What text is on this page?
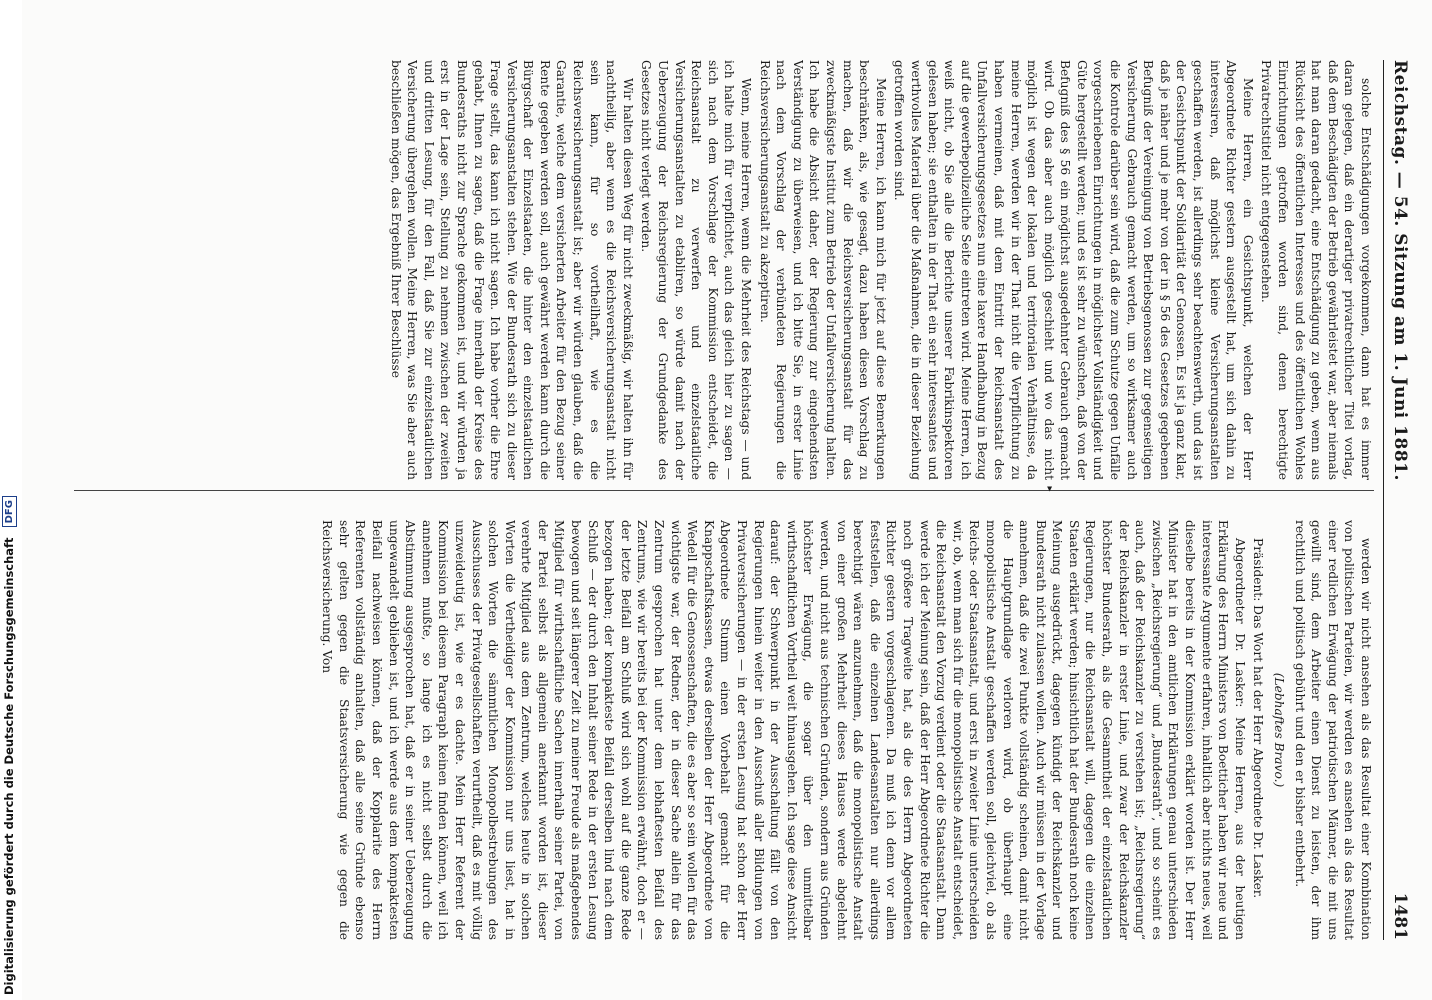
Reichstag. — 54. Sitzung am 1. Juni 1881.
1481

solche Entschädigungen vorgekommen, dann hat es immer daran gelegen, daß ein derartiger privatrechtlicher Titel vorlag, daß dem Beschädigten der Betrieb gewährleistet war, aber niemals hat man daran gedacht, eine Entschädigung zu geben, wenn aus Rücksicht des öffentlichen Interesses und des öffentlichen Wohles Einrichtungen getroffen worden sind, denen berechtigte Privatrechtstitel nicht entgegenstehen.

Meine Herren, ein Gesichtspunkt, welchen der Herr Abgeordnete Richter gestern ausgestellt hat, um sich dahin zu interessiren, daß möglichst kleine Versicherungsanstalten geschaffen werden, ist allerdings sehr beachtenswerth, und das ist der Gesichtspunkt der Solidarität der Genossen. Es ist ja ganz klar, daß je näher und je mehr von der in § 56 des Gesetzes gegebenen Befugniß der Vereinigung von Betriebsgenossen zur gegenseitigen Versicherung Gebrauch gemacht werden, um so wirksamer auch die Kontrole darüber sein wird, daß die zum Schutze gegen Unfälle vorgeschriebenen Einrichtungen in möglichster Vollständigkeit und Güte hergestellt werden; und es ist sehr zu wünschen, daß von der Befugniß des § 56 ein möglichst ausgedehnter Gebrauch gemacht wird. Ob das aber auch möglich geschieht und wo das nicht möglich ist wegen der lokalen und territorialen Verhältnisse, da meine Herren, werden wir in der That nicht die Verpflichtung zu haben vermeinen, daß mit dem Eintritt der Reichsanstalt des Unfallversicherungsgesetzes nun eine laxere Handhabung in Bezug auf die gewerbepolizeiliche Seite eintreten wird. Meine Herren, ich weiß nicht, ob Sie alle die Berichte unserer Fabrikinspektoren gelesen haben; sie enthalten in der That ein sehr interessantes und werthvolles Material über die Maßnahmen, die in dieser Beziehung getroffen worden sind.

Meine Herren, ich kann mich für jetzt auf diese Bemerkungen beschränken, als, wie gesagt, dazu haben diesen Vorschlag zu machen, daß wir die Reichsversicherungsanstalt für das zweckmäßigste Institut zum Betrieb der Unfallversicherung halten. Ich habe die Absicht daher, der Regierung zur eingehendsten Verständigung zu überweisen, und ich bitte Sie, in erster Linie nach dem Vorschlag der verbündeten Regierungen die Reichsversicherungsanstalt zu akzeptiren.

Wenn, meine Herren, wenn die Mehrheit des Reichstags — und ich halte mich für verpflichtet, auch das gleich hier zu sagen — sich nach dem Vorschlage der Kommission entscheidet, die Reichsanstalt zu verwerfen und einzelstaatliche Versicherungsanstalten zu etabliren, so würde damit nach der Ueberzeugung der Reichsregierung der Grundgedanke des Gesetzes nicht verlegt werden.

Wir halten diesen Weg für nicht zweckmäßig, wir halten ihn für nachtheilig, aber wenn es die Reichsversicherungsanstalt nicht sein kann, für so vortheilhaft, wie es die Reichsversicherungsanstalt ist; aber wir würden glauben, daß die Garantie, welche dem versicherten Arbeiter für den Bezug seiner Rente gegeben werden soll, auch gewährt werden kann durch die Bürgschaft der Einzelstaaten, die hinter den einzelstaatlichen Versicherungsanstalten stehen. Wie der Bundesrath sich zu dieser Frage stellt, das kann ich nicht sagen. Ich habe vorher die Ehre gehabt, Ihnen zu sagen, daß die Frage innerhalb der Kreise des Bundesraths nicht zur Sprache gekommen ist, und wir würden ja erst in der Lage sein, Stellung zu nehmen zwischen der zweiten und dritten Lesung, für den Fall, daß Sie zur einzelstaatlichen Versicherung übergehen wollen. Meine Herren, was Sie aber auch beschließen mögen, das Ergebniß Ihrer Beschlüsse

▸

werden wir nicht ansehen als das Resultat einer Kombination von politischen Parteien, wir werden es ansehen als das Resultat einer redlichen Erwägung der patriotischen Männer, die mit uns gewillt sind, dem Arbeiter einen Dienst zu leisten, der ihm rechtlich und politisch gebührt und den er bisher entbehrt.

(Lebhaftes Bravo.)

Präsident: Das Wort hat der Herr Abgeordnete Dr. Lasker.

Abgeordneter Dr. Lasker: Meine Herren, aus der heutigen Erklärung des Herrn Ministers von Boetticher haben wir neue und interessante Argumente erfahren, inhaltlich aber nichts neues, weil dieselbe bereits in der Kommission erklärt worden ist. Der Herr Minister hat in den amtlichen Erklärungen genau unterschieden zwischen „Reichsregierung“ und „Bundesrath“, und so scheint es auch, daß der Reichskanzler zu verstehen ist; „Reichsregierung“ der Reichskanzler in erster Linie, und zwar der Reichskanzler höchster Bundesrath, als die Gesammtheit der einzelstaatlichen Regierungen, nur die Reichsanstalt will, dagegen die einzelnen Staaten erklärt werden; hinsichtlich hat der Bundesrath noch keine Meinung ausgedrückt, dagegen kündigt der Reichskanzler und Bundesrath nicht zulassen wollen. Auch wir müssen in der Vorlage annehmen, daß die zwei Punkte vollständig scheinen, damit nicht die Hauptgrundlage verloren wird, ob überhaupt eine monopolistische Anstalt geschaffen werden soll, gleichviel, ob als Reichs- oder Staatsanstalt, und erst in zweiter Linie unterscheiden wir, ob, wenn man sich für die monopolistische Anstalt entscheidet, die Reichsanstalt den Vorzug verdient oder die Staatsanstalt. Dann werde ich der Meinung sein, daß der Herr Abgeordnete Richter die noch größere Tragweite hat, als die des Herrn Abgeordneten Richter gestern vorgeschlagenen. Da muß ich denn vor allem feststellen, daß die einzelnen Landesanstalten nur allerdings berechtigt wären anzunehmen, daß die monopolistische Anstalt von einer großen Mehrheit dieses Hauses werde abgelehnt werden, und nicht aus technischen Gründen, sondern aus Gründen höchster Erwägung, die sogar über den unmittelbar wirthschaftlichen Vortheil weit hinausgehen. Ich sage diese Ansicht darauf: der Schwerpunkt in der Ausschaltung fällt von den Regierungen hinein weiter in den Ausschuß aller Bildungen von Privatversicherungen — in der ersten Lesung hat schon der Herr Abgeordnete Stumm einen Vorbehalt gemacht für die Knappschaftskassen, etwas derselben der Herr Abgeordnete von Wedell für die Genossenschaften, die es aber so sein wollen für das wichtigste war, der Redner, der in dieser Sache allein für das Zentrum gesprochen hat unter dem lebhaftesten Beifall des Zentrums, wie wir bereits bei der Kommission erwähnt, doch er — der letzte Beifall am Schluß wird sich wohl auf die ganze Rede bezogen haben; der kompakteste Beifall derselben lind nach dem Schluß — der durch den Inhalt seiner Rede in der ersten Lesung bewogen und seit längerer Zeit zu meiner Freude als maßgebendes Mitglied für wirthschaftliche Sachen innerhalb seiner Partei, von der Partei selbst als allgemein anerkannt worden ist, dieser verehrte Mitglied aus dem Zentrum, welches heute in solchen Worten die Vertheidiger der Kommission nur uns liest, hat in solchen Worten die sämmtlichen Monopolbestrebungen des Ausschusses der Privatgesellschaften verurtheilt, daß es mit völlig unzweideutig ist, wie er es dachte. Mein Herr Referent der Kommission bei diesem Paragraph keinen finden können, weil ich annehmen mußte, so lange ich es nicht selbst durch die Abstimmung ausgesprochen hat, daß er in seiner Ueberzeugung ungewandelt geblieben ist, und ich werde aus dem kompaktesten Beifall nachweisen können, daß der Kopplarite des Herrn Referenten vollständig anhalten, daß alle seine Gründe ebenso sehr gelten gegen die Staatsversicherung wie gegen die Reichsversicherung. Von

Digitalisierung gefördert durch die Deutsche Forschungsgemeinschaft DFG
